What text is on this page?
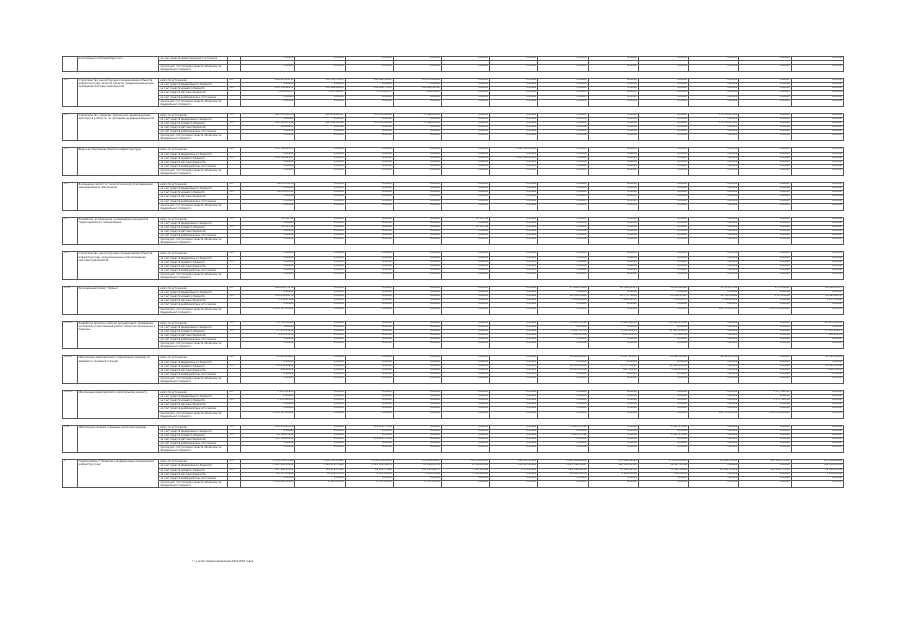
	интегрального Екатеринбургского	за счет средств инвестиционного источника		0,00000	0,00000	0,00000	0,00000	0,00000	0,00000	0,00000	0,00000	0,00000	0,00000	0,00000	0,00000

		прочие доп. поступления средств обязательств федерального бюджета		0,00000	0,00000	0,00000	0,00000	0,00000	0,00000	0,00000	0,00000	0,00000	0,00000	0,00000	0,00000

1.2	Строительство, реконструкция и модернизация объектов инфраструктуры, включая объекты, предназначенные для проведения массовых мероприятий	всего по источникам	171	288 647,44711	236 333,73231	298 942,56521	128 015,60498	0,00000	0,00000	0,00000	0,00000	0,00000	0,00000	0,00000	0,00000
		за счет средств федерального бюджета		0,00000	0,00000	0,00000	0,00000	0,00000	0,00000	0,00000	0,00000	0,00000	0,00000	0,00000	0,00000
		за счет средств краевого бюджета	171	283 555,60474	232 606,64934	232 906,77453	118 909,34563	0,00000	0,00000	0,00000	0,00000	0,00000	0,00000	0,00000	0,00000
		за счет средств местных бюджетов		5 091,84237	3 367,08297	5 376,95871	7 994,59897	0,00000	0,00000	0,00000	0,00000	0,00000	0,00000	0,00000	0,00000
		за счет средств внебюджетных источников		0,00000	0,00000	0,00000	0,00000	0,00000	0,00000	0,00000	0,00000	0,00000	0,00000	0,00000	0,00000
		прочие доп. поступления средств обязательств федерального бюджета		0,00000	0,00000	0,00000	0,00000	0,00000	0,00000	0,00000	0,00000	0,00000	0,00000	0,00000	0,00000

1.3	Строительство, освоение, техническое перевооружение аэропортов в области, по субсидиям на ведение бюджетов	всего по источникам	171	621 313,08155	292 034,26557	135 415,06486	17 686,61853	0,00000	0,00000	0,00000	0,00000	0,00000	171 783,27883	0,00000	0,00000
		за счет средств федерального бюджета		0,00000	0,00000	0,00000	0,00000	0,00000	0,00000	0,00000	0,00000	0,00000	0,00000	0,00000	0,00000
		за счет средств краевого бюджета	171	620 593,07518	292 691,42598	135 415,06486	17 686,61853	0,00000	0,00000	0,00000	0,00000	0,00000	171 783,27883	0,00000	0,00000
		за счет средств местных бюджетов		720,00637	0,00000	0,00000	0,00000	0,00000	0,00000	0,00000	0,00000	0,00000	0,00000	0,00000	0,00000
		за счет средств внебюджетных источников		0,00000	0,00000	0,00000	0,00000	0,00000	0,00000	0,00000	0,00000	0,00000	0,00000	0,00000	0,00000
		прочие доп. поступления средств обязательств федерального бюджета		0,00000	0,00000	0,00000	0,00000	0,00000	0,00000	0,00000	0,00000	0,00000	0,00000	0,00000	0,00000

1.5	Ввод в эксплуатацию объектов инфраструктуры	всего по источникам	171	150 726,62347	0,00000	0,00000	0,00000	0,00000	1 021 450,00000	0,00000	0,00000	0,00000	0,00000	0,00000	0,00000
		за счет средств федерального бюджета		0,00000	0,00000	0,00000	0,00000	0,00000	0,00000	0,00000	0,00000	0,00000	0,00000	0,00000	0,00000
		за счет средств краевого бюджета	171	150 726,62347	0,00000	0,00000	0,00000	0,00000	1 021 450,00000	0,00000	0,00000	0,00000	0,00000	0,00000	0,00000
		за счет средств местных бюджетов		0,00000	0,00000	0,00000	0,00000	0,00000	0,00000	0,00000	0,00000	0,00000	0,00000	0,00000	0,00000
		за счет средств внебюджетных источников		0,00000	0,00000	0,00000	0,00000	0,00000	0,00000	0,00000	0,00000	0,00000	0,00000	0,00000	0,00000
		прочие доп. поступления средств обязательств федерального бюджета		0,00000	0,00000	0,00000	0,00000	0,00000	0,00000	0,00000	0,00000	0,00000	0,00000	0,00000	0,00000

1.6	Возмещение затрат по технологическому присоединению, единовременное обеспечение	всего по источникам	171	56 076,05700	0,00000	0,00000	0,00000	0,00000	0,00000	0,00000	0,00000	0,00000	0,00000	0,00000	0,00000
		за счет средств федерального бюджета		0,00000	0,00000	0,00000	0,00000	0,00000	0,00000	0,00000	0,00000	0,00000	0,00000	0,00000	0,00000
		за счет средств краевого бюджета	171	56 076,05700	0,00000	0,00000	0,00000	0,00000	0,00000	0,00000	0,00000	0,00000	0,00000	0,00000	0,00000
		за счет средств местных бюджетов		0,00000	0,00000	0,00000	0,00000	0,00000	0,00000	0,00000	0,00000	0,00000	0,00000	0,00000	0,00000
		за счет средств внебюджетных источников		0,00000	0,00000	0,00000	0,00000	0,00000	0,00000	0,00000	0,00000	0,00000	0,00000	0,00000	0,00000
		прочие доп. поступления средств обязательств федерального бюджета		0,00000	0,00000	0,00000	0,00000	0,00000	0,00000	0,00000	0,00000	0,00000	0,00000	0,00000	0,00000

1.7	Разработка, актуализация и утверждение документов территориального планирования	всего по источникам	171	14 147,99	0,00000	0,00000	0,00000	14 147,99	0,00000	0,00000	0,00000	0,00000	0,00000	0,00000	0,00000
		за счет средств федерального бюджета		0,00000	0,00000	0,00000	0,00000	0,00000	0,00000	0,00000	0,00000	0,00000	0,00000	0,00000	0,00000
		за счет средств краевого бюджета	171	14 147,99	0,00000	0,00000	0,00000	14 147,99	0,00000	0,00000	0,00000	0,00000	0,00000	0,00000	0,00000
		за счет средств местных бюджетов		0,00000	0,00000	0,00000	0,00000	0,00000	0,00000	0,00000	0,00000	0,00000	0,00000	0,00000	0,00000
		за счет средств внебюджетных источников		0,00000	0,00000	0,00000	0,00000	0,00000	0,00000	0,00000	0,00000	0,00000	0,00000	0,00000	0,00000
		прочие доп. поступления средств обязательств федерального бюджета		0,00000	0,00000	0,00000	0,00000	0,00000	0,00000	0,00000	0,00000	0,00000	0,00000	0,00000	0,00000

1.8	Строительство, реконструкция и модернизация объектов инфраструктуры, предназначенных для проведения массовых мероприятий	всего по источникам	171	0,00000	0,00000	0,00000	0,00000	0,00000	0,00000	0,00000	0,00000	0,00000	0,00000	0,00000	0,00000
		за счет средств федерального бюджета		0,00000	0,00000	0,00000	0,00000	0,00000	0,00000	0,00000	0,00000	0,00000	0,00000	0,00000	0,00000
		за счет средств краевого бюджета	171	0,00000	0,00000	0,00000	0,00000	0,00000	0,00000	0,00000	0,00000	0,00000	0,00000	0,00000	0,00000
		за счет средств местных бюджетов		0,00000	0,00000	0,00000	0,00000	0,00000	0,00000	0,00000	0,00000	0,00000	0,00000	0,00000	0,00000
		за счет средств внебюджетных источников		0,00000	0,00000	0,00000	0,00000	0,00000	0,00000	0,00000	0,00000	0,00000	0,00000	0,00000	0,00000
		прочие доп. поступления средств обязательств федерального бюджета		0,00000	0,00000	0,00000	0,00000	0,00000	0,00000	0,00000	0,00000	0,00000	0,00000	0,00000	0,00000

1.9.1	Региональный проект "Жилье"	всего по источникам	171	164 022,71729	0,00000	0,00000	0,00000	0,00000	0,00000	27 840,53384	14 526,40513	16 181,62486	25 571,07130	1 177,91418	26 141,05175
		за счет средств федерального бюджета		0,00000	0,00000	0,00000	0,00000	0,00000	0,00000	0,00000	0,00000	0,00000	0,00000	0,00000	0,00000
		за счет средств краевого бюджета	171	130 438,29178	0,00000	0,00000	0,00000	0,00000	0,00000	22 455,14088	11 777,79228	13 122,47222	20 742,38986	1 177,91418	20 463,09235
		за счет средств местных бюджетов		5 251,97880	0,00000	0,00000	0,00000	0,00000	0,00000	1 104,80088	1 040,04521	710,09572	1 120,04201	0,00000	1 277,00000
		за счет средств внебюджетных источников		0,00000	0,00000	0,00000	0,00000	0,00000	0,00000	0,00000	0,00000	0,00000	0,00000	0,00000	0,00000
		прочие доп. поступления средств обязательств федерального бюджета		1 230 127,00000	0,00000	0,00000	0,00000	0,00000	0,00000	0,00000	0,00000	0,00000	104 711,20000	1 487 414,00000	0,00000

1.9.1.1	Разработка проектно-сметной документации, проведение экспертизы и капитальный ремонт объектов, включенных в перечень	всего по источникам	171	31 705,36484	0,00000	0,00000	0,00000	0,00000	0,00000	-2 650 370,90	-1 421 660,00	-15 162 974,09	0,00000	0,00000	20 341 314,83
		за счет средств федерального бюджета		0,00000	0,00000	0,00000	0,00000	0,00000	0,00000	0,00000	0,00000	0,00000	0,00000	0,00000	0,00000
		за счет средств краевого бюджета	171	27 455,11110	0,00000	0,00000	0,00000	0,00000	0,00000	2 320 714,33	1 268 418,25	11 642 110,21	0,00000	0,00000	17 103 302,27
		за счет средств местных бюджетов		4 270,25374	0,00000	0,00000	0,00000	0,00000	0,00000	336 123,66	253 241,78	333 663,88	0,00000	0,00000	520 019,09
		за счет средств внебюджетных источников		0,00000	0,00000	0,00000	0,00000	0,00000	0,00000	0,00000	0,00000	0,00000	0,00000	0,00000	0,00000
		прочие доп. поступления средств обязательств федерального бюджета		0,00000	0,00000	0,00000	0,00000	0,00000	0,00000	0,00000	0,00000	0,00000	0,00000	0,00000	0,00000

1.9.1.2	Обеспечение мероприятий по переселению граждан из аварийного жилищного фонда	всего по источникам	171	21 223,61281	0,00000	0,00000	0,00000	0,00000	0,00000	26 669,26182	-3 417 112,00	15 262 128,69	22 043,37000	0,00000	14 397,00381
		за счет средств федерального бюджета		0,00000	0,00000	0,00000	0,00000	0,00000	0,00000	0,00000	0,00000	0,00000	0,00000	0,00000	0,00000
		за счет средств краевого бюджета	171	21 036,95280	0,00000	0,00000	0,00000	0,00000	0,00000	16 147,42168	2 755 762,00	11 262 218,69	0,00000	0,00000	11 387,21100
		за счет средств местных бюджетов		186,66001	0,00000	0,00000	0,00000	0,00000	0,00000	10 521,84014	661 350,00	3 999 910,00	0,00000	0,00000	3 009,79281
		за счет средств внебюджетных источников		0,00000	0,00000	0,00000	0,00000	0,00000	0,00000	0,00000	0,00000	0,00000	0,00000	0,00000	0,00000
		прочие доп. поступления средств обязательств федерального бюджета		0,00000	0,00000	0,00000	0,00000	0,00000	0,00000	0,00000	0,00000	0,00000	0,00000	0,00000	0,00000

1.9.1.3	Обеспечение мероприятий по капитальному ремонту	всего по источникам	171	1 170 634,83	0,00000	0,00000	0,00000	0,00000	0,00000	0,00000	0,00000	0,00000	0,00000	1 177 919,18	0,00000
		за счет средств федерального бюджета		0,00000	0,00000	0,00000	0,00000	0,00000	0,00000	0,00000	0,00000	0,00000	0,00000	0,00000	0,00000
		за счет средств краевого бюджета	171	1 170 634,83	0,00000	0,00000	0,00000	0,00000	0,00000	0,00000	0,00000	0,00000	0,00000	1 177 919,18	0,00000
		за счет средств местных бюджетов		0,00000	0,00000	0,00000	0,00000	0,00000	0,00000	0,00000	0,00000	0,00000	0,00000	0,00000	0,00000
		за счет средств внебюджетных источников		0,00000	0,00000	0,00000	0,00000	0,00000	0,00000	0,00000	0,00000	0,00000	0,00000	0,00000	0,00000
		прочие доп. поступления средств обязательств федерального бюджета		1 230 127,00000	0,00000	0,00000	0,00000	0,00000	0,00000	0,00000	0,00000	0,00000	104 711,20000	1 487 414,00000	0,00000

1.10	Обеспечение жильем отдельных категорий граждан	всего по источникам	171	206 119,93572	0,00000	121 420,77434	0,00000	0,00000	0,00000	-1 882 479,96	0,00000	2 120 978,14	0,00000	0,00000	0,00000
		за счет средств федерального бюджета		0,00000	0,00000	0,00000	0,00000	0,00000	0,00000	0,00000	0,00000	0,00000	0,00000	0,00000	0,00000
		за счет средств краевого бюджета	171	64 399,12350	0,00000	0,00000	0,00000	0,00000	0,00000	1 882 479,96	0,00000	2 120 978,14	0,00000	0,00000	0,00000
		за счет средств местных бюджетов		141 720,81222	0,00000	121 420,77434	0,00000	0,00000	0,00000	0,00000	0,00000	0,00000	0,00000	0,00000	0,00000
		за счет средств внебюджетных источников		0,00000	0,00000	0,00000	0,00000	0,00000	0,00000	0,00000	0,00000	0,00000	0,00000	0,00000	0,00000
		прочие доп. поступления средств обязательств федерального бюджета		0,00000	0,00000	0,00000	0,00000	0,00000	0,00000	0,00000	0,00000	0,00000	0,00000	0,00000	0,00000

2	Подпрограмма 2 "Развитие и модернизация коммунальной инфраструктуры"	всего по источникам	171	2 074 341,71346	2 216 781,27621	1 056 679,00011	325 024,12417	60 576,93170	142 287,27661	1 291 190,00086	551 022,56964	171 223,25884	23 392 176,20	225 995 770,00	475 564,60006
		за счет средств федерального бюджета		1 145 863,83432	1 546 678,73465	1 021 129,22076	85 099,05174	53 114,28586	139 957,08600	1 085 146,63367	468 101,05183	96 907,57000	0,00000	0,00000	389 910,07016
		за счет средств краевого бюджета	171	867 160,65268	585 970,17121	26 617,77865	234 910,84277	5 917,03584	2 331,19061	186 042,04014	74 012,98781	73 410,38884	23 392 176,20	225 995 770,00	84 404,53000
		за счет средств местных бюджетов		61 317,22646	84 132,37035	8 932,00070	5 014,23066	1 545,61000	0,00000	20 001,32705	8 908,53000	905,30000	0,00000	0,00000	1 250,00000
		за счет средств внебюджетных источников		0,00000	0,00000	0,00000	0,00000	0,00000	0,00000	0,00000	0,00000	0,00000	0,00000	0,00000	0,00000
		прочие доп. поступления средств обязательств федерального бюджета		1 506 840,00000	1 306 030,00	1 745 000,00	1 745 000,00	0,00000	0,00000	0,00000	0,00000	0,00000	0,00000	0,00000	0,00000

* с учетом перераспределения 2019-2020 годов
